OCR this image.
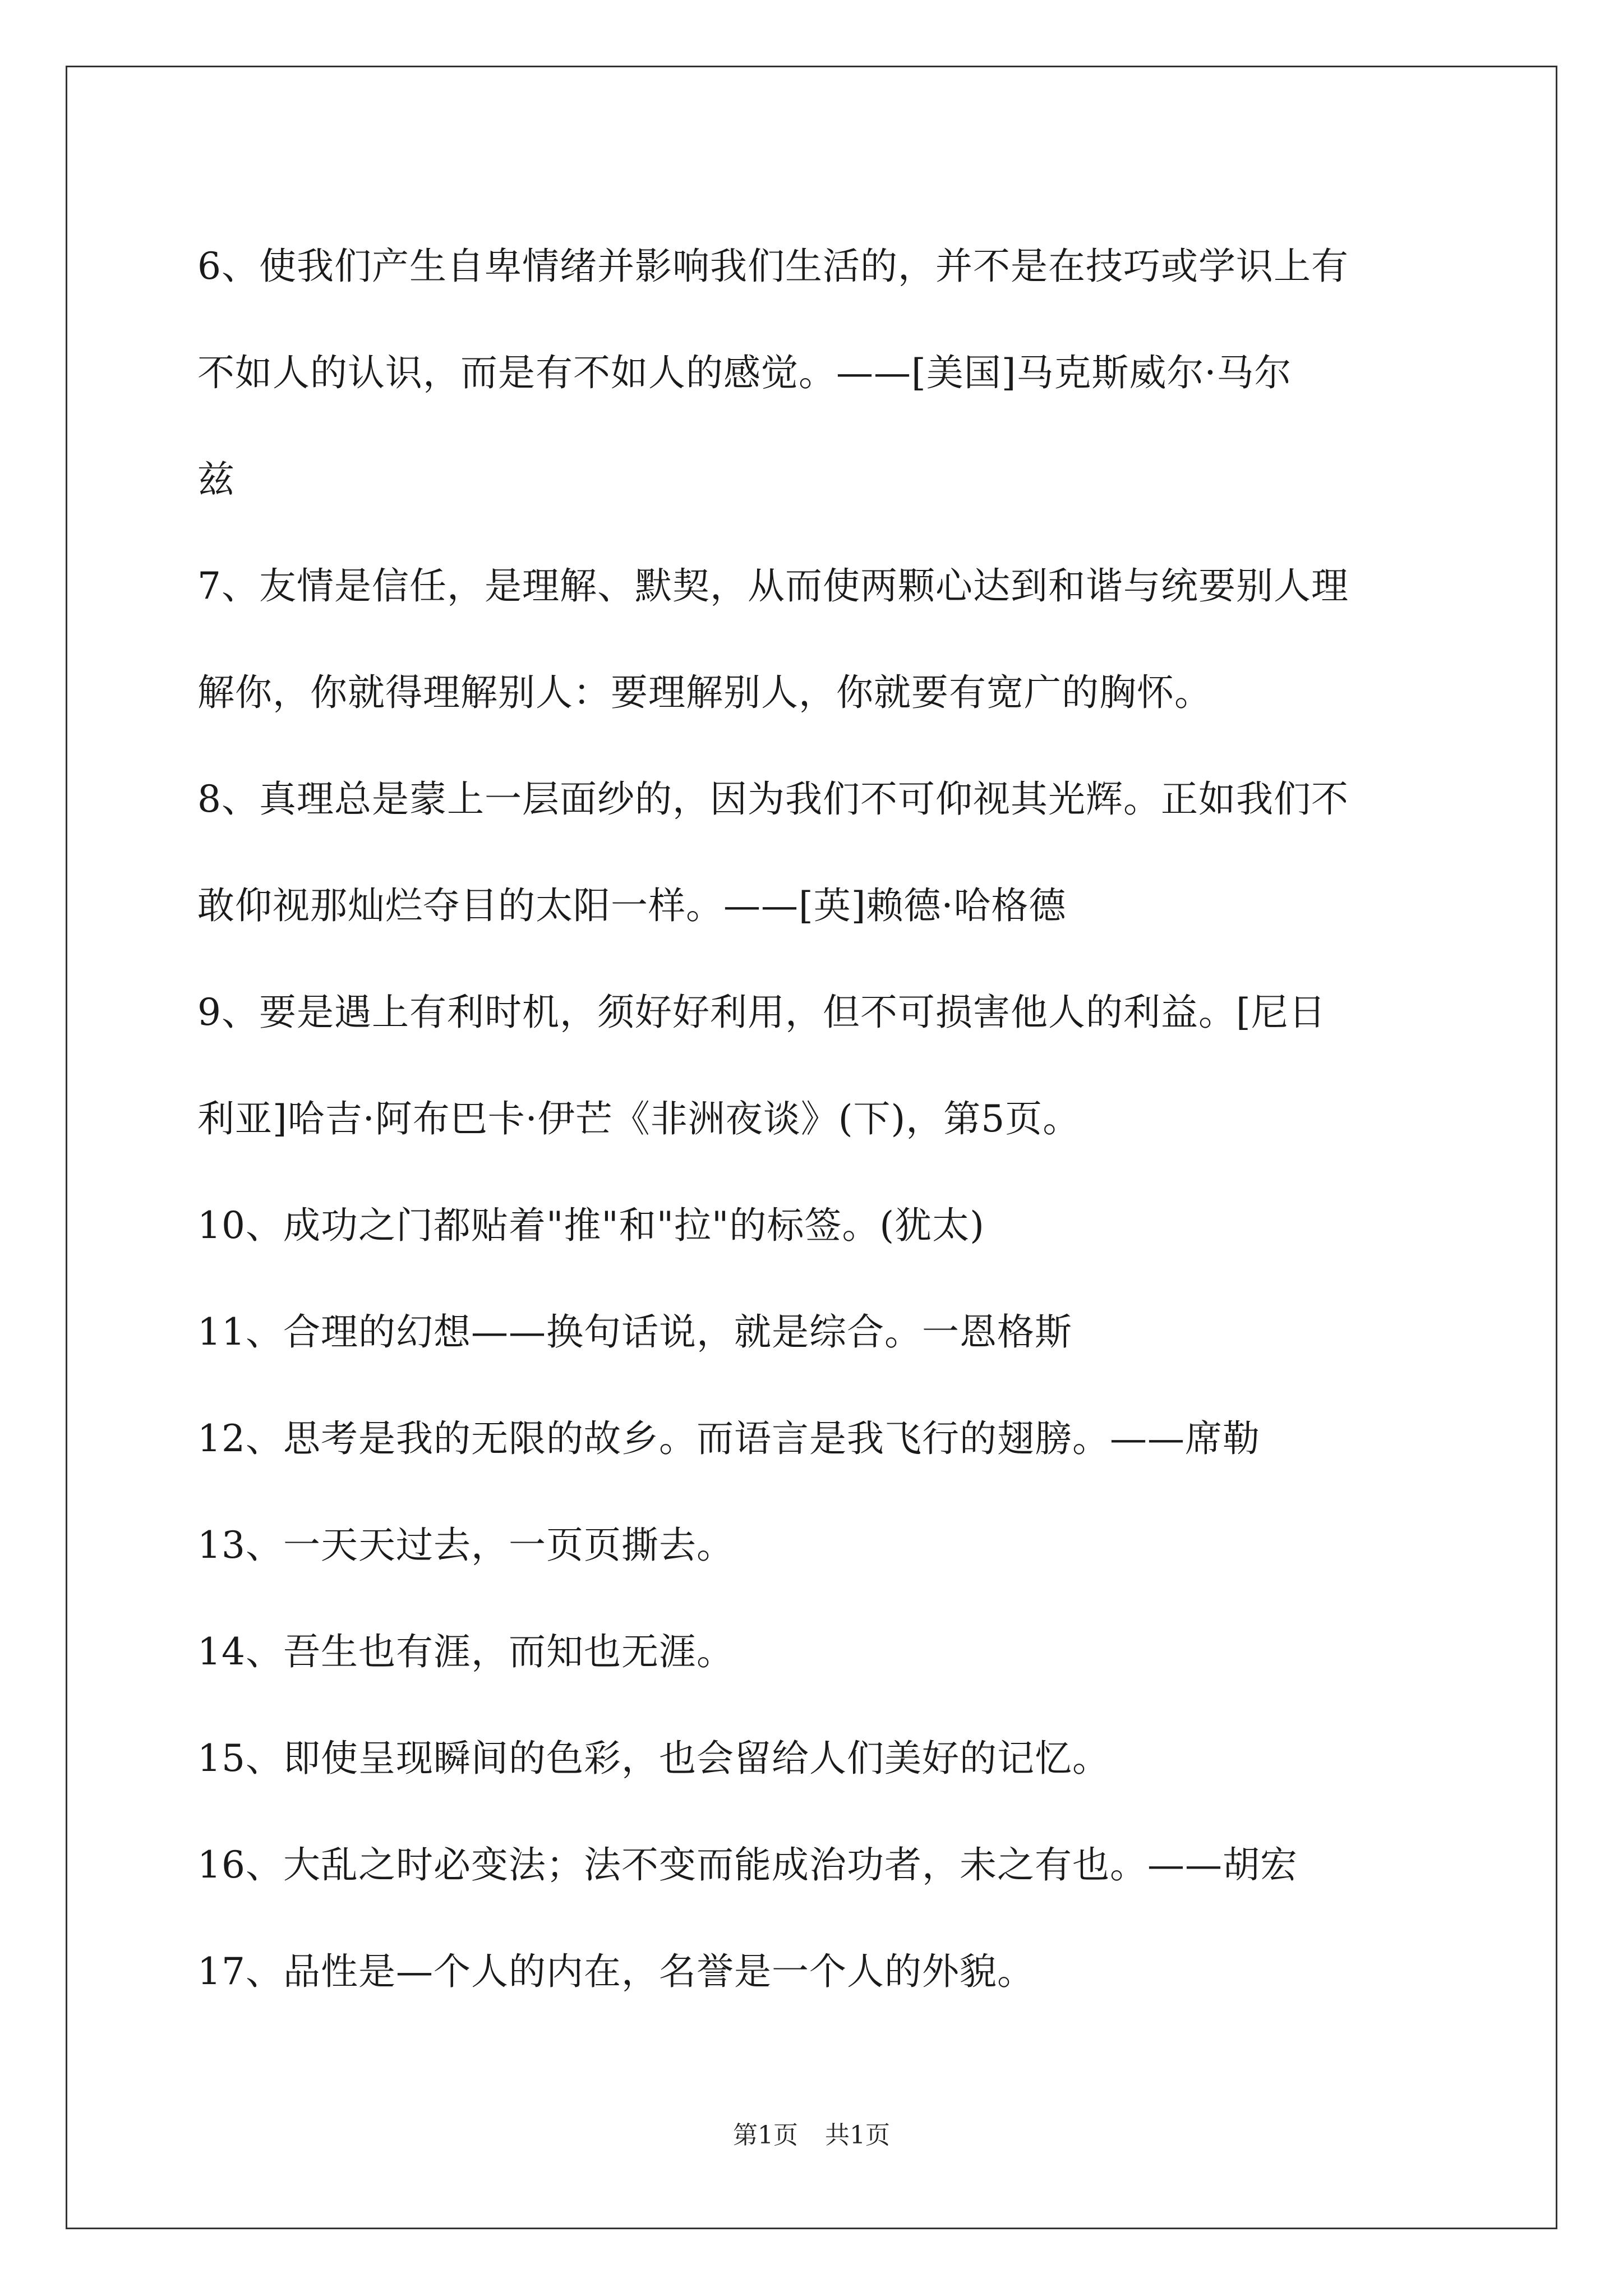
6、使我们产生自卑情绪并影响我们生活的，并不是在技巧或学识上有
不如人的认识，而是有不如人的感觉。——[美国]马克斯威尔·马尔
兹
7、友情是信任，是理解、默契，从而使两颗心达到和谐与统要别人理
解你，你就得理解别人：要理解别人，你就要有宽广的胸怀。
8、真理总是蒙上一层面纱的，因为我们不可仰视其光辉。正如我们不
敢仰视那灿烂夺目的太阳一样。——[英]赖德·哈格德
9、要是遇上有利时机，须好好利用，但不可损害他人的利益。[尼日
利亚]哈吉·阿布巴卡·伊芒《非洲夜谈》(下)，第5页。
10、成功之门都贴着"推"和"拉"的标签。(犹太)
11、合理的幻想——换句话说，就是综合。一恩格斯
12、思考是我的无限的故乡。而语言是我飞行的翅膀。——席勒
13、一天天过去，一页页撕去。
14、吾生也有涯，而知也无涯。
15、即使呈现瞬间的色彩，也会留给人们美好的记忆。
16、大乱之时必变法；法不变而能成治功者，未之有也。——胡宏
17、品性是—个人的内在，名誉是一个人的外貌。
第1页 共1页
